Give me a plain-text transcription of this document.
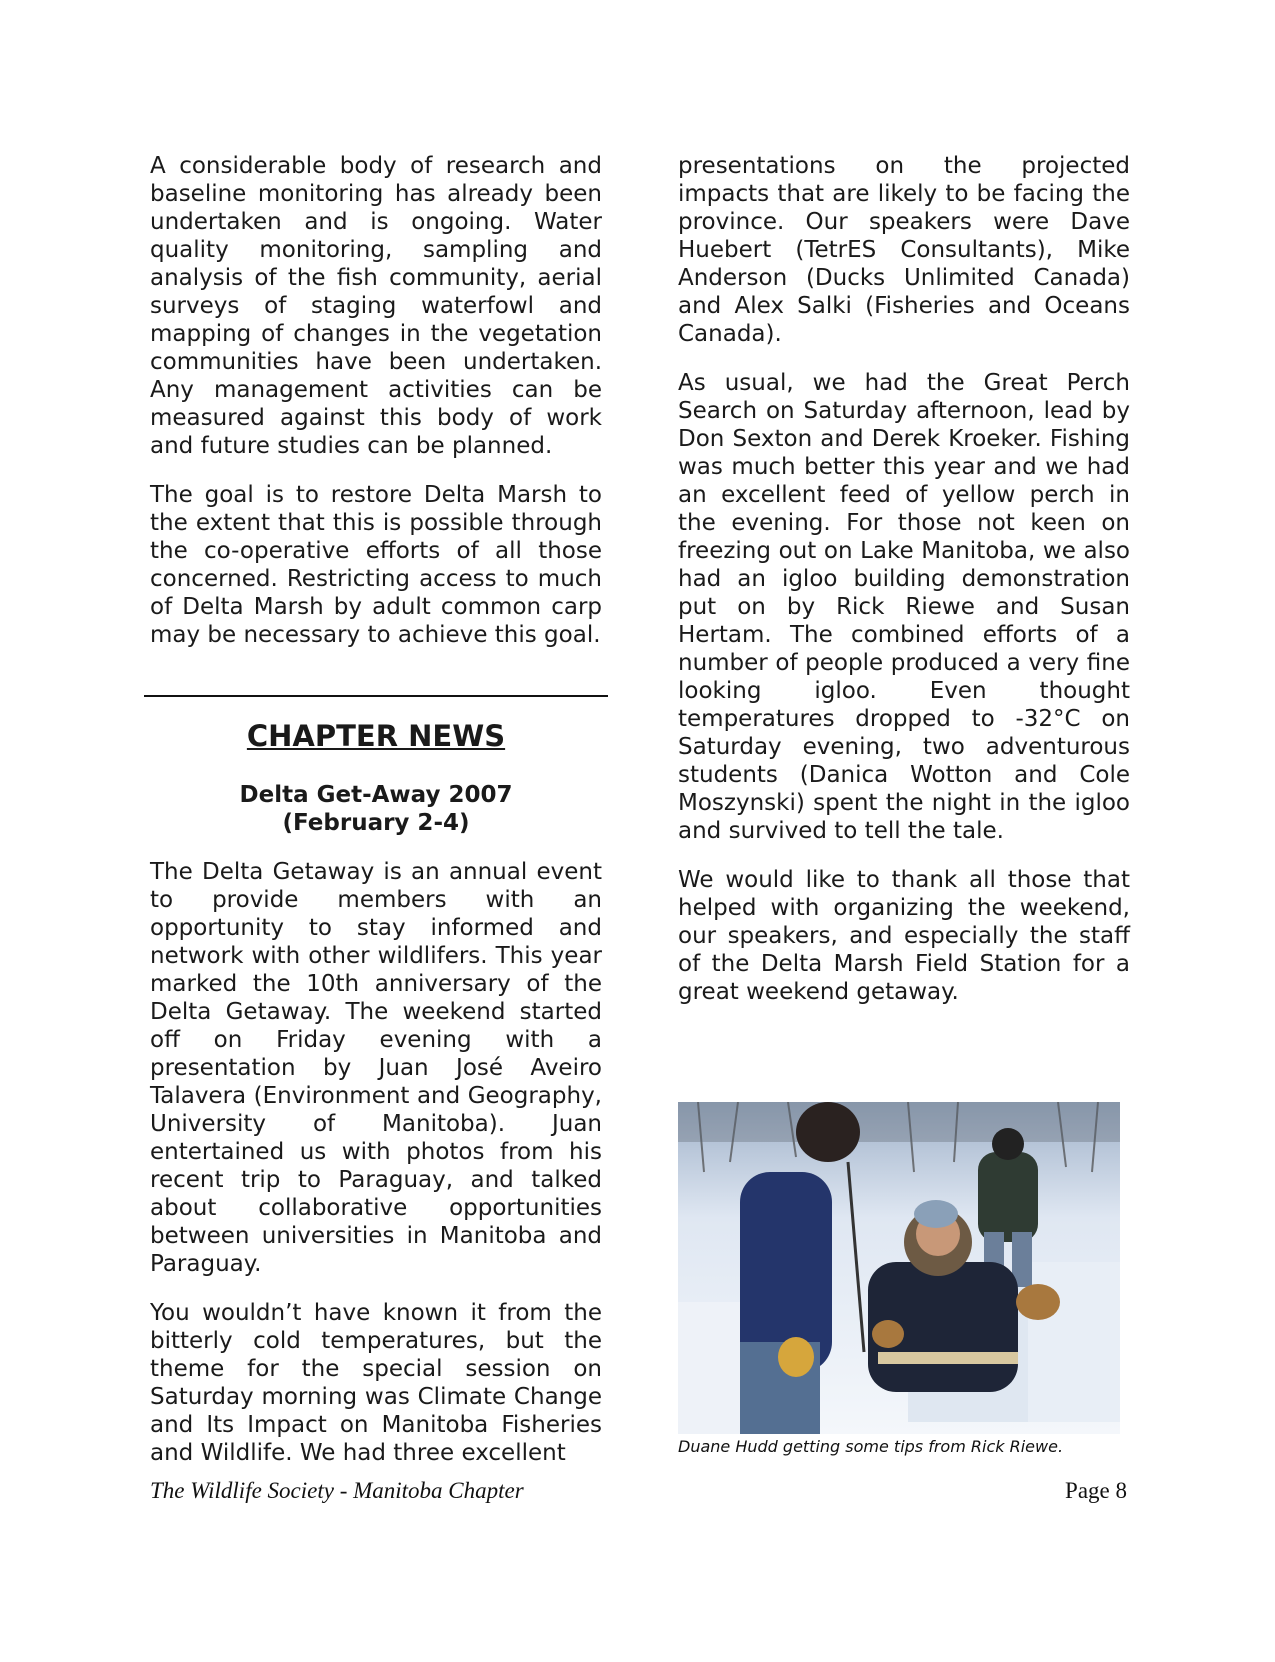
A considerable body of research and baseline monitoring has already been undertaken and is ongoing. Water quality monitoring, sampling and analysis of the fish community, aerial surveys of staging waterfowl and mapping of changes in the vegetation communities have been undertaken. Any management activities can be measured against this body of work and future studies can be planned.

The goal is to restore Delta Marsh to the extent that this is possible through the co-operative efforts of all those concerned. Restricting access to much of Delta Marsh by adult common carp may be necessary to achieve this goal.

CHAPTER NEWS
Delta Get-Away 2007
(February 2-4)

The Delta Getaway is an annual event to provide members with an opportunity to stay informed and network with other wildlifers. This year marked the 10th anniversary of the Delta Getaway. The weekend started off on Friday evening with a presentation by Juan José Aveiro Talavera (Environment and Geography, University of Manitoba). Juan entertained us with photos from his recent trip to Paraguay, and talked about collaborative opportunities between universities in Manitoba and Paraguay.

You wouldn’t have known it from the bitterly cold temperatures, but the theme for the special session on Saturday morning was Climate Change and Its Impact on Manitoba Fisheries and Wildlife. We had three excellent

presentations on the projected impacts that are likely to be facing the province. Our speakers were Dave Huebert (TetrES Consultants), Mike Anderson (Ducks Unlimited Canada) and Alex Salki (Fisheries and Oceans Canada).

As usual, we had the Great Perch Search on Saturday afternoon, lead by Don Sexton and Derek Kroeker. Fishing was much better this year and we had an excellent feed of yellow perch in the evening. For those not keen on freezing out on Lake Manitoba, we also had an igloo building demonstration put on by Rick Riewe and Susan Hertam. The combined efforts of a number of people produced a very fine looking igloo. Even thought temperatures dropped to -32°C on Saturday evening, two adventurous students (Danica Wotton and Cole Moszynski) spent the night in the igloo and survived to tell the tale.

We would like to thank all those that helped with organizing the weekend, our speakers, and especially the staff of the Delta Marsh Field Station for a great weekend getaway.

Duane Hudd getting some tips from Rick Riewe.
The Wildlife Society - Manitoba Chapter	Page 8
